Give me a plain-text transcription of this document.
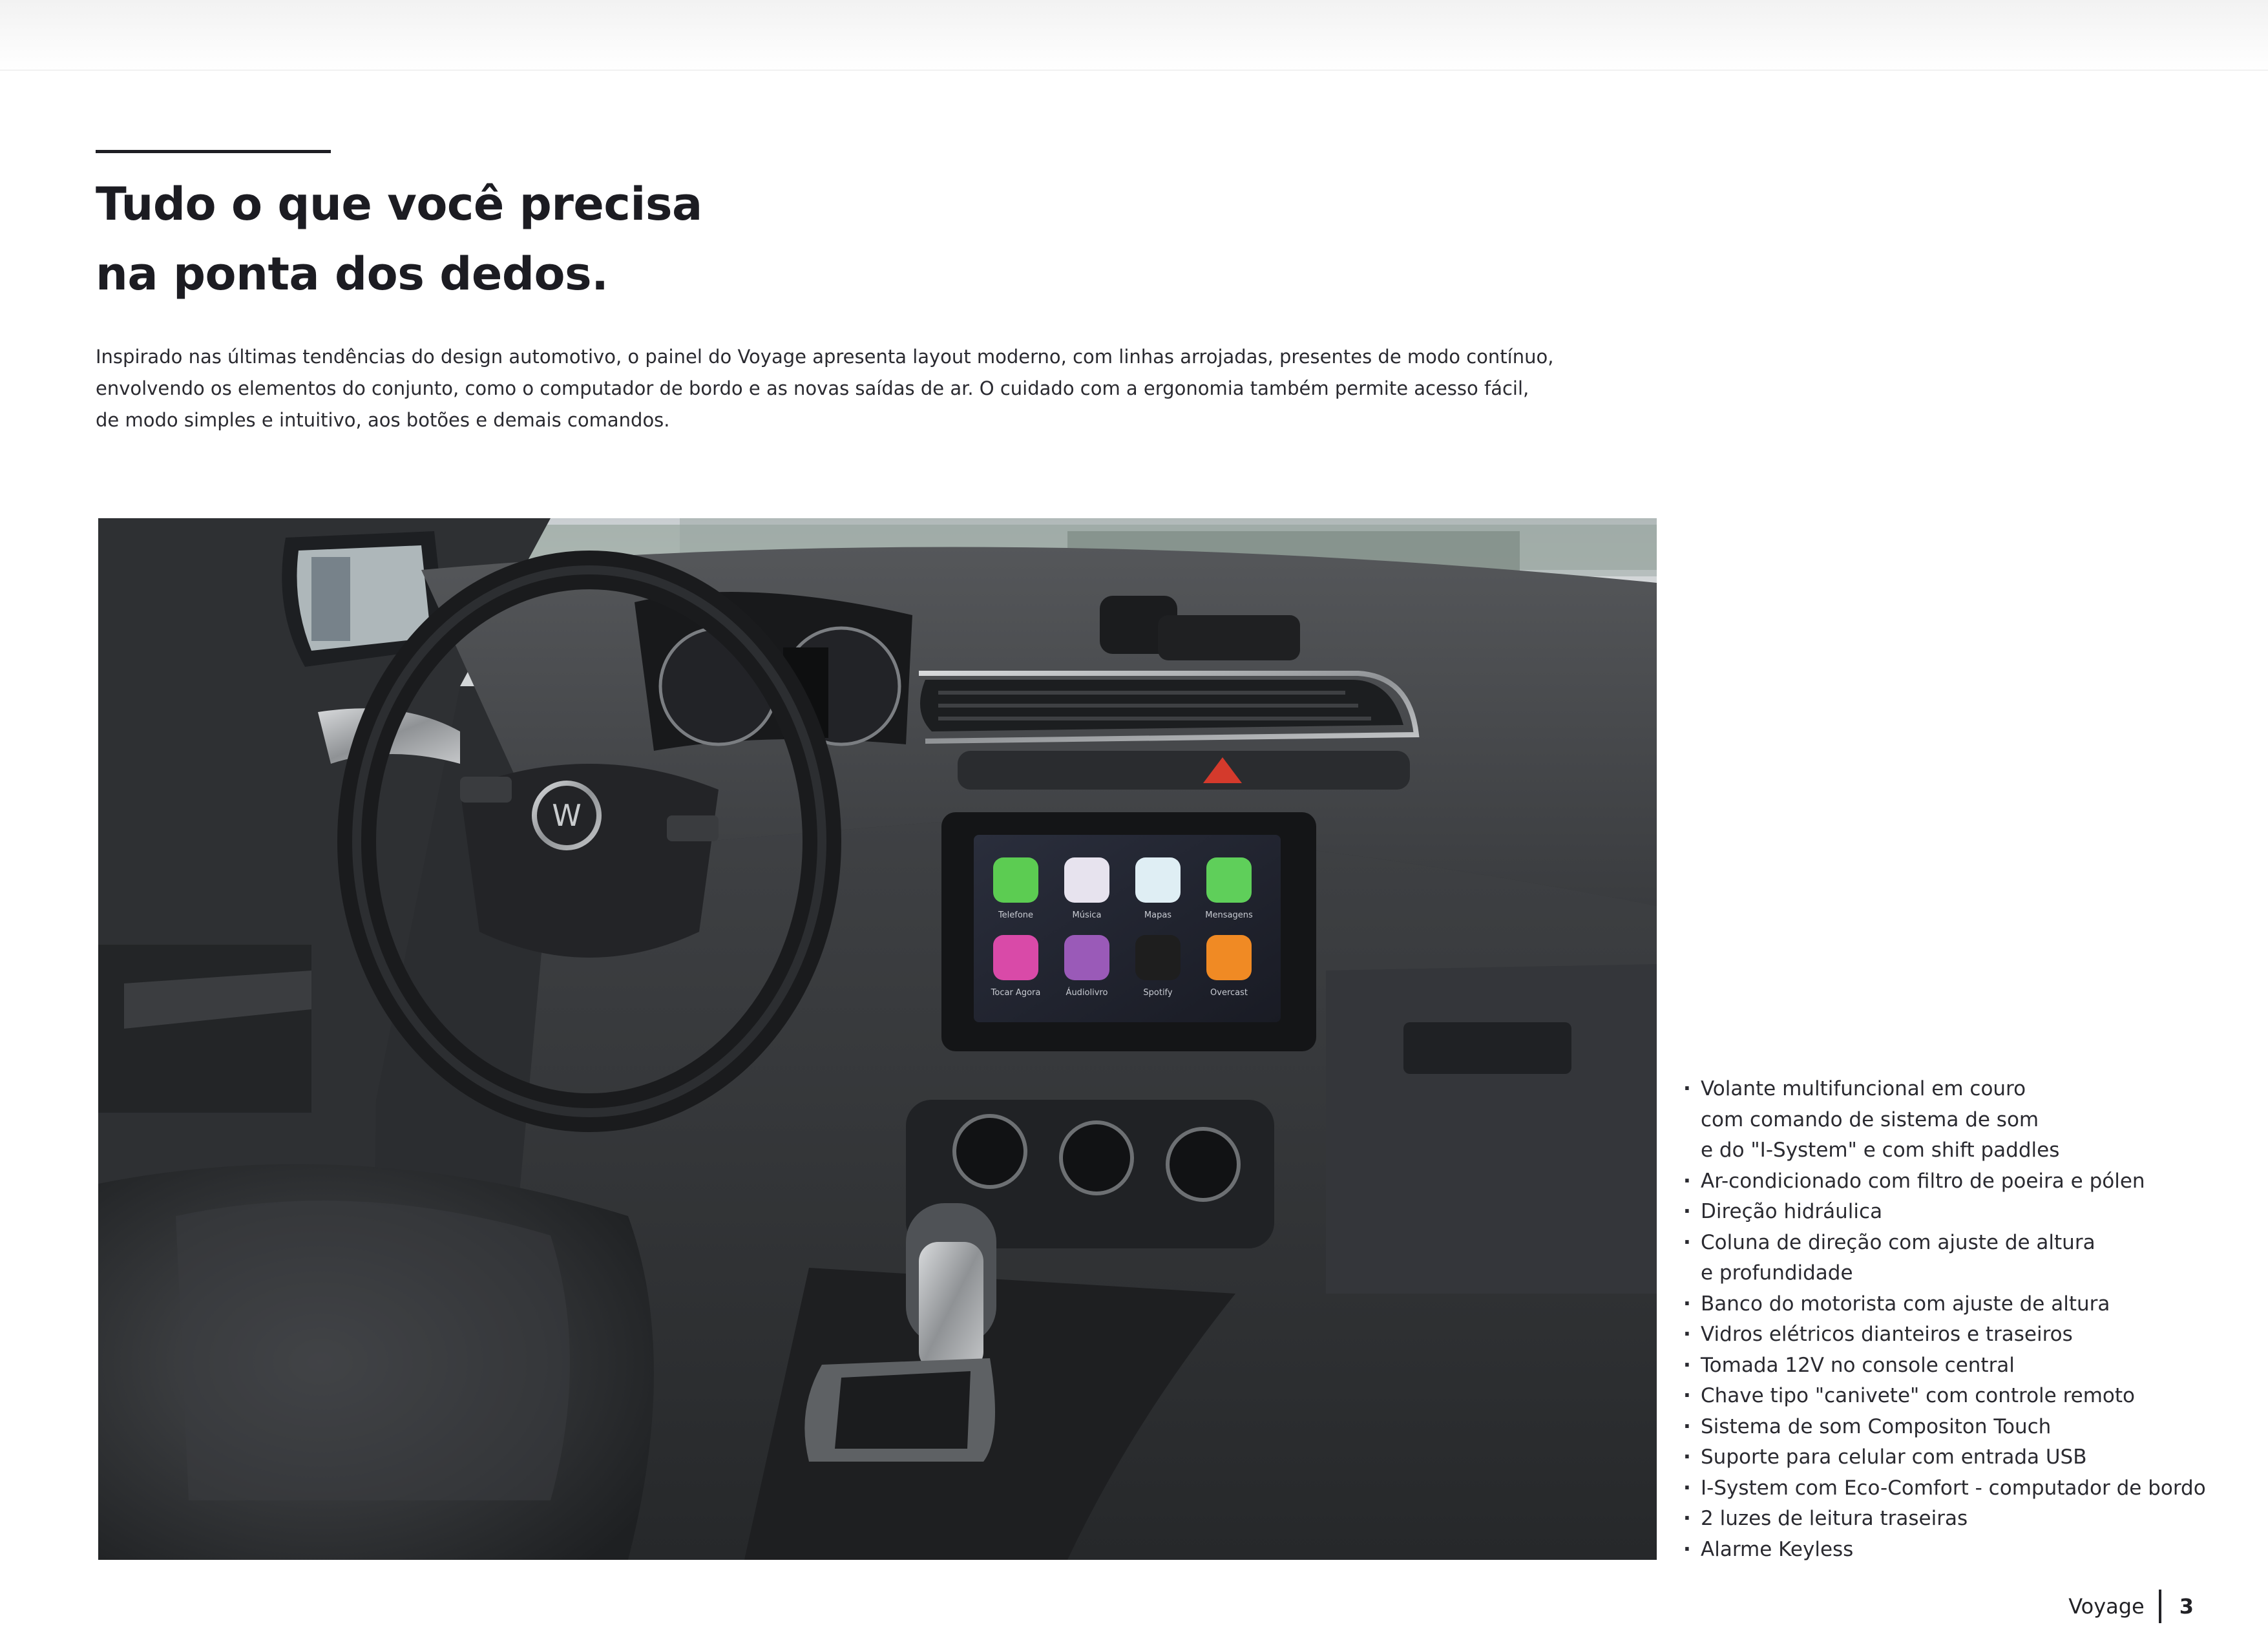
Tudo o que você precisa
na ponta dos dedos.

Inspirado nas últimas tendências do design automotivo, o painel do Voyage apresenta layout moderno, com linhas arrojadas, presentes de modo contínuo,
envolvendo os elementos do conjunto, como o computador de bordo e as novas saídas de ar. O cuidado com a ergonomia também permite acesso fácil,
de modo simples e intuitivo, aos botões e demais comandos.

W
Telefone	Música	Mapas	Mensagens
Tocar Agora	Áudiolivro	Spotify	Overcast
· Volante multifuncional em couro
com comando de sistema de som
e do "I-System" e com shift paddles
· Ar-condicionado com filtro de poeira e pólen
· Direção hidráulica
· Coluna de direção com ajuste de altura
e profundidade
· Banco do motorista com ajuste de altura
· Vidros elétricos dianteiros e traseiros
· Tomada 12V no console central
· Chave tipo "canivete" com controle remoto
· Sistema de som Compositon Touch
· Suporte para celular com entrada USB
· I-System com Eco-Comfort - computador de bordo
· 2 luzes de leitura traseiras
· Alarme Keyless
Voyage 3
